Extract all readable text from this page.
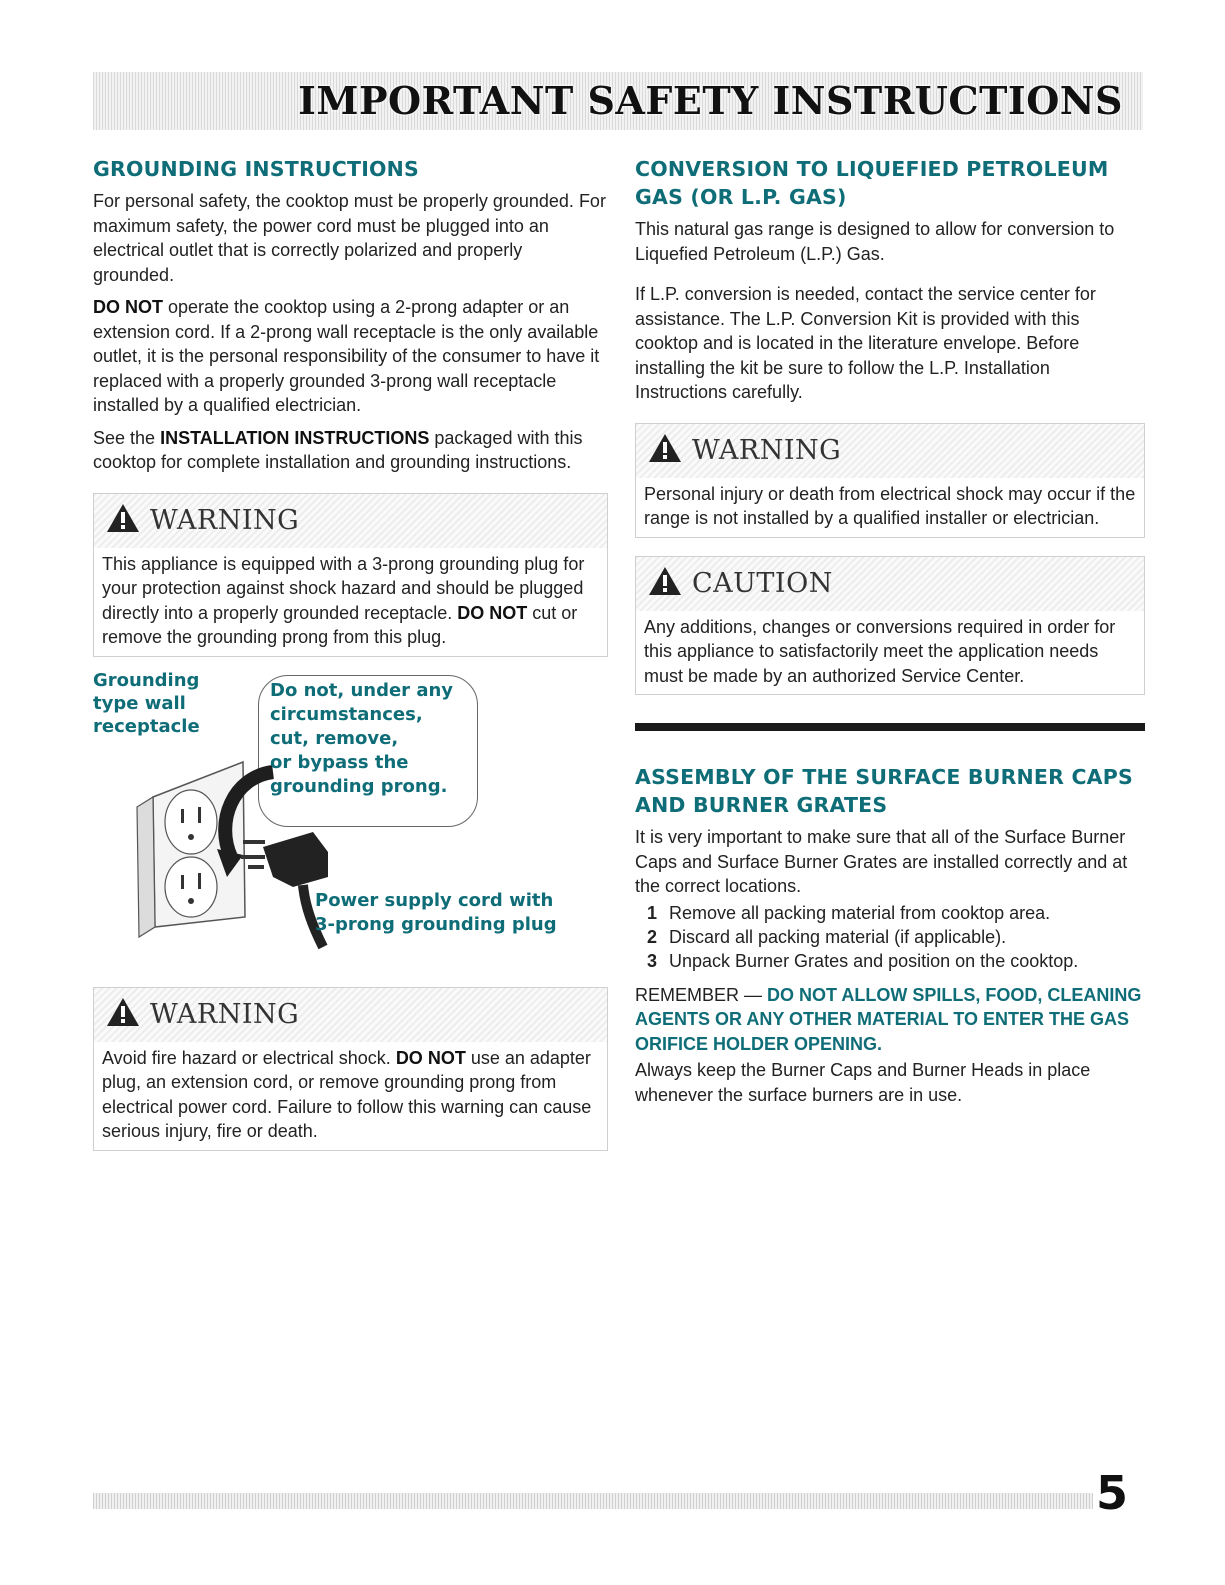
IMPORTANT SAFETY INSTRUCTIONS
GROUNDING INSTRUCTIONS

For personal safety, the cooktop must be properly grounded. For maximum safety, the power cord must be plugged into an electrical outlet that is correctly polarized and properly grounded.

DO NOT operate the cooktop using a 2-prong adapter or an extension cord. If a 2-prong wall receptacle is the only available outlet, it is the personal responsibility of the consumer to have it replaced with a properly grounded 3-prong wall receptacle installed by a qualified electrician.

See the INSTALLATION INSTRUCTIONS packaged with this cooktop for complete installation and grounding instructions.

WARNING
This appliance is equipped with a 3-prong grounding plug for your protection against shock hazard and should be plugged directly into a properly grounded receptacle. DO NOT cut or remove the grounding prong from this plug.
Grounding
type wall
receptacle
Do not, under any
circumstances,
cut, remove,
or bypass the
grounding prong.
Power supply cord with
3-prong grounding plug
WARNING
Avoid fire hazard or electrical shock. DO NOT use an adapter plug, an extension cord, or remove grounding prong from electrical power cord. Failure to follow this warning can cause serious injury, fire or death.
CONVERSION TO LIQUEFIED PETROLEUM GAS (OR L.P. GAS)

This natural gas range is designed to allow for conversion to Liquefied Petroleum (L.P.) Gas.

If L.P. conversion is needed, contact the service center for assistance. The L.P. Conversion Kit is provided with this cooktop and is located in the literature envelope. Before installing the kit be sure to follow the L.P. Installation Instructions carefully.

WARNING
Personal injury or death from electrical shock may occur if the range is not installed by a qualified installer or electrician.
CAUTION
Any additions, changes or conversions required in order for this appliance to satisfactorily meet the application needs must be made by an authorized Service Center.
ASSEMBLY OF THE SURFACE BURNER CAPS AND BURNER GRATES

It is very important to make sure that all of the Surface Burner Caps and Surface Burner Grates are installed correctly and at the correct locations.

1 Remove all packing material from cooktop area.
2 Discard all packing material (if applicable).
3 Unpack Burner Grates and position on the cooktop.

REMEMBER — DO NOT ALLOW SPILLS, FOOD, CLEANING AGENTS OR ANY OTHER MATERIAL TO ENTER THE GAS ORIFICE HOLDER OPENING.

Always keep the Burner Caps and Burner Heads in place whenever the surface burners are in use.

5
